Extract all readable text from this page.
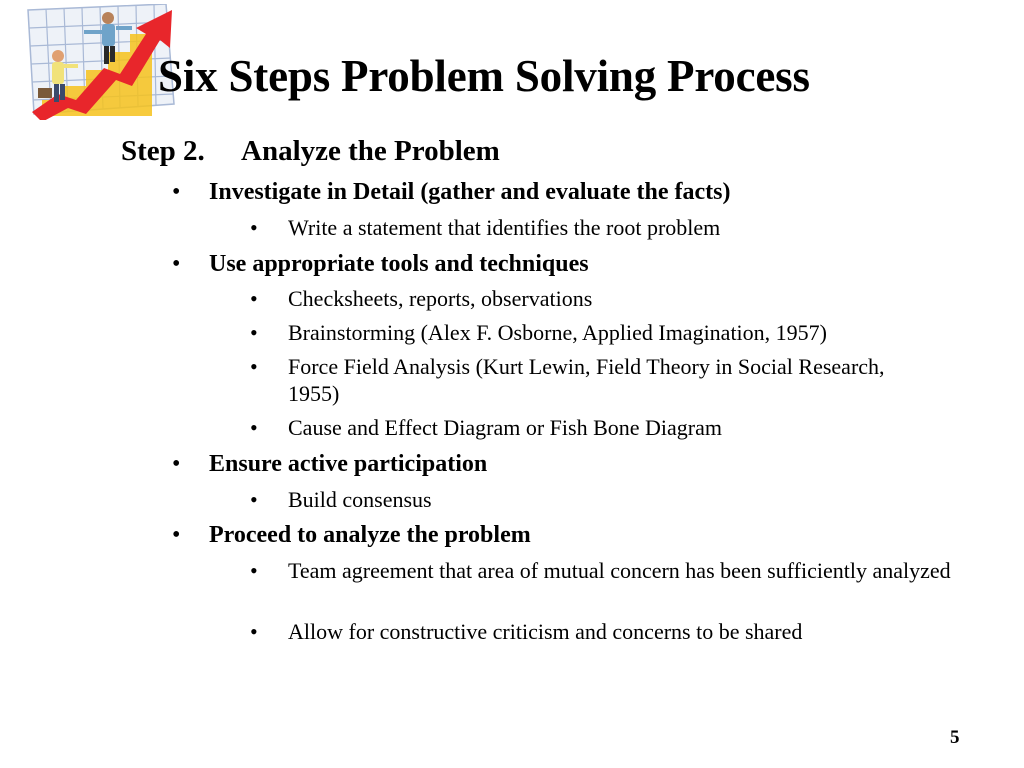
Six Steps Problem Solving Process
Step 2. Analyze the Problem
• Investigate in Detail (gather and evaluate the facts)
• Write a statement that identifies the root problem
• Use appropriate tools and techniques
• Checksheets, reports, observations
• Brainstorming (Alex F. Osborne, Applied Imagination, 1957)
• Force Field Analysis (Kurt Lewin, Field Theory in Social Research, 1955)
• Cause and Effect Diagram or Fish Bone Diagram
• Ensure active participation
• Build consensus
• Proceed to analyze the problem
• Team agreement that area of mutual concern has been sufficiently analyzed
• Allow for constructive criticism and concerns to be shared
5
